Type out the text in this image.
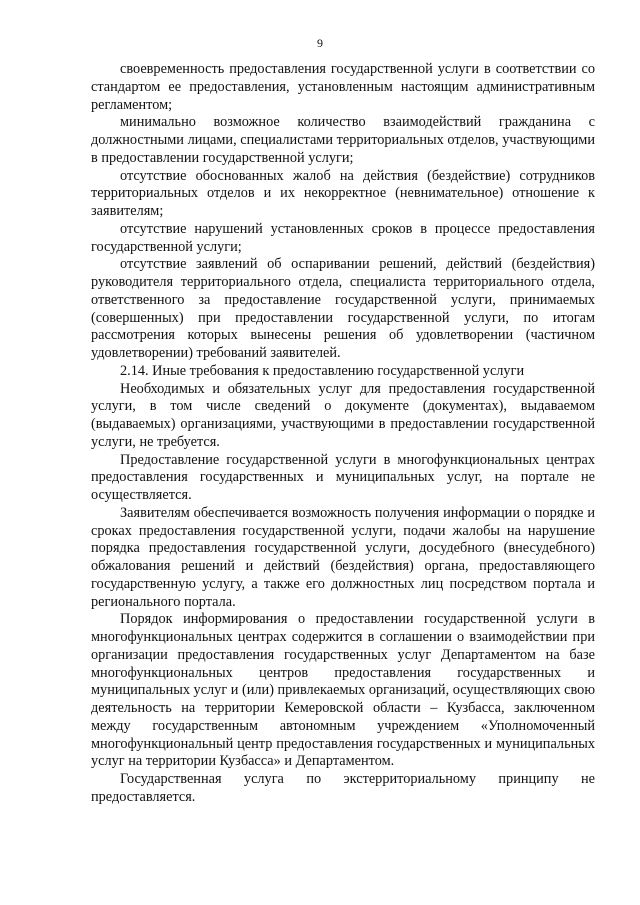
9

своевременность предоставления государственной услуги в соответствии со стандартом ее предоставления, установленным настоящим административным регламентом;

минимально возможное количество взаимодействий гражданина с должностными лицами, специалистами территориальных отделов, участвующими в предоставлении государственной услуги;

отсутствие обоснованных жалоб на действия (бездействие) сотрудников территориальных отделов и их некорректное (невнимательное) отношение к заявителям;

отсутствие нарушений установленных сроков в процессе предоставления государственной услуги;

отсутствие заявлений об оспаривании решений, действий (бездействия) руководителя территориального отдела, специалиста территориального отдела, ответственного за предоставление государственной услуги, принимаемых (совершенных) при предоставлении государственной услуги, по итогам рассмотрения которых вынесены решения об удовлетворении (частичном удовлетворении) требований заявителей.

2.14. Иные требования к предоставлению государственной услуги

Необходимых и обязательных услуг для предоставления государственной услуги, в том числе сведений о документе (документах), выдаваемом (выдаваемых) организациями, участвующими в предоставлении государственной услуги, не требуется.

Предоставление государственной услуги в многофункциональных центрах предоставления государственных и муниципальных услуг, на портале не осуществляется.

Заявителям обеспечивается возможность получения информации о порядке и сроках предоставления государственной услуги, подачи жалобы на нарушение порядка предоставления государственной услуги, досудебного (внесудебного) обжалования решений и действий (бездействия) органа, предоставляющего государственную услугу, а также его должностных лиц посредством портала и регионального портала.

Порядок информирования о предоставлении государственной услуги в многофункциональных центрах содержится в соглашении о взаимодействии при организации предоставления государственных услуг Департаментом на базе многофункциональных центров предоставления государственных и муниципальных услуг и (или) привлекаемых организаций, осуществляющих свою деятельность на территории Кемеровской области – Кузбасса, заключенном между государственным автономным учреждением «Уполномоченный многофункциональный центр предоставления государственных и муниципальных услуг на территории Кузбасса» и Департаментом.

Государственная услуга по экстерриториальному принципу не предоставляется.
